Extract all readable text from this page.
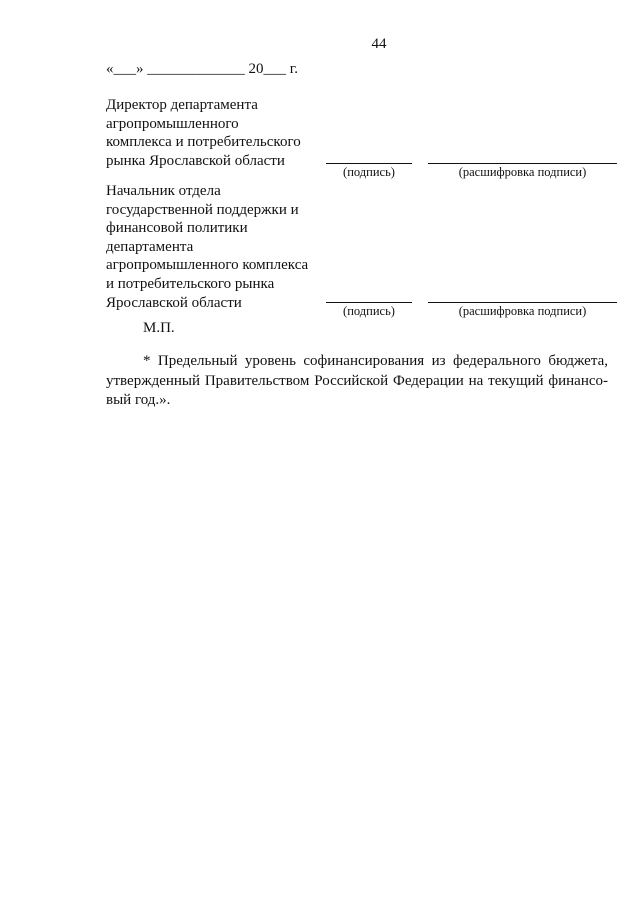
44
«___» _____________ 20___ г.
Директор департамента
агропромышленного
комплекса и потребительского
рынка Ярославской области
(подпись)	(расшифровка подписи)
Начальник отдела
государственной поддержки и
финансовой политики
департамента
агропромышленного комплекса
и потребительского рынка
Ярославской области
(подпись)	(расшифровка подписи)
М.П.
* Предельный уровень софинансирования из федерального бюджета, утвержденный Правительством Российской Федерации на текущий финансо-вый год.».
